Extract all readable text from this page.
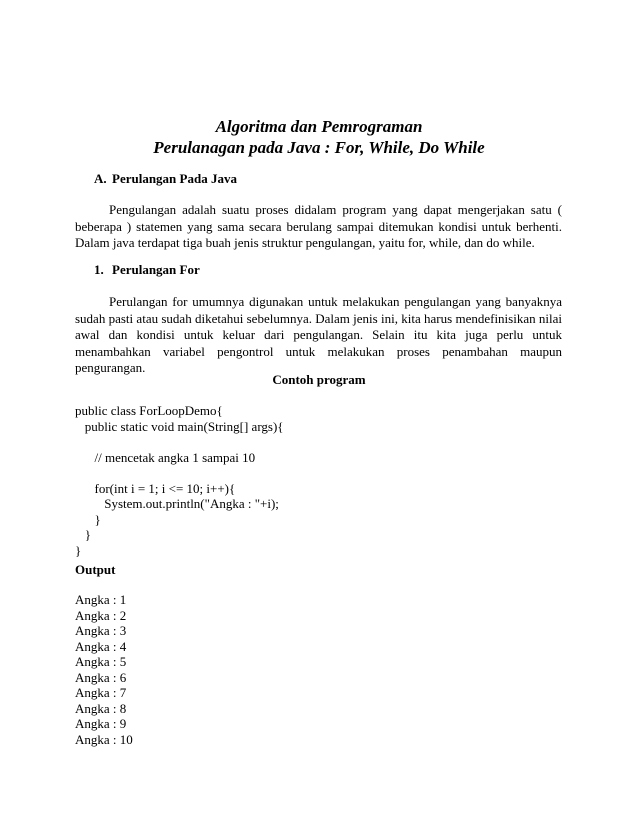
Algoritma dan Pemrograman
Perulanagan pada Java : For, While, Do While
A. Perulangan Pada Java
Pengulangan adalah suatu proses didalam program yang dapat mengerjakan satu ( beberapa ) statemen yang sama secara berulang sampai ditemukan kondisi untuk berhenti. Dalam java terdapat tiga buah jenis struktur pengulangan, yaitu for, while, dan do while.
1. Perulangan For
Perulangan for umumnya digunakan untuk melakukan pengulangan yang banyaknya sudah pasti atau sudah diketahui sebelumnya. Dalam jenis ini, kita harus mendefinisikan nilai awal dan kondisi untuk keluar dari pengulangan. Selain itu kita juga perlu untuk menambahkan variabel pengontrol untuk melakukan proses penambahan maupun pengurangan.
Contoh program
public class ForLoopDemo{
public static void main(String[] args){

// mencetak angka 1 sampai 10

for(int i = 1; i <= 10; i++){
System.out.println("Angka : "+i);
}
}
}
Output
Angka : 1
Angka : 2
Angka : 3
Angka : 4
Angka : 5
Angka : 6
Angka : 7
Angka : 8
Angka : 9
Angka : 10
